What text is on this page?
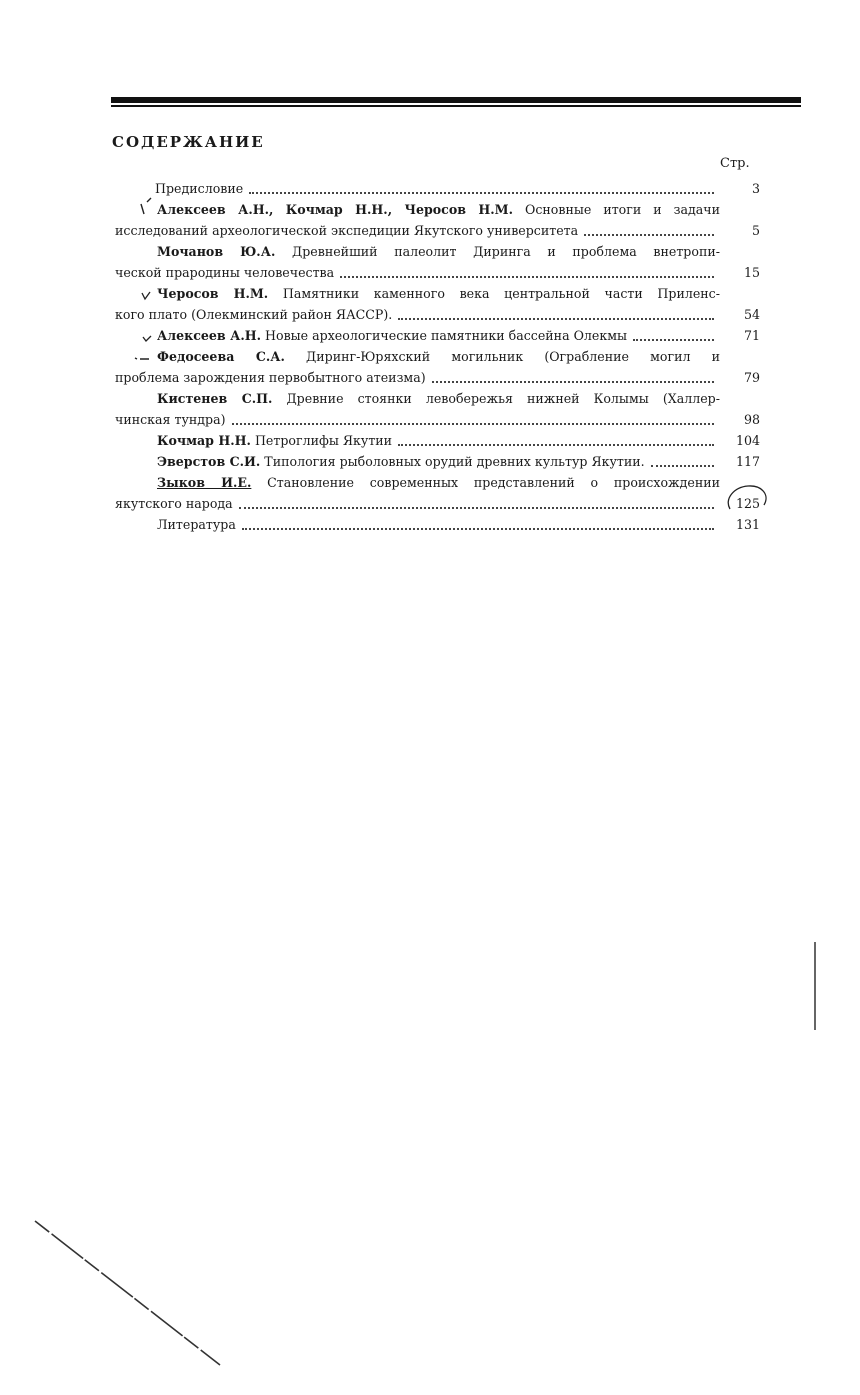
СОДЕРЖАНИЕ
Стр.
Предисловие	3
Алексеев А.Н., Кочмар Н.Н., Черосов Н.М. Основные итоги и задачи
исследований археологической экспедиции Якутского университета	5
Мочанов Ю.А. Древнейший палеолит Диринга и проблема внетропи-
ческой прародины человечества	15
Черосов Н.М. Памятники каменного века центральной части Приленс-
кого плато (Олекминский район ЯАССР).	54
Алексеев А.Н. Новые археологические памятники бассейна Олекмы	71
Федосеева С.А. Диринг-Юряхский могильник (Ограбление могил и
проблема зарождения первобытного атеизма)	79
Кистенев С.П. Древние стоянки левобережья нижней Колымы (Халлер-
чинская тундра)	98
Кочмар Н.Н. Петроглифы Якутии	104
Эверстов С.И. Типология рыболовных орудий древних культур Якутии.	117
Зыков И.Е. Становление современных представлений о происхождении
якутского народа	125
Литература	131
